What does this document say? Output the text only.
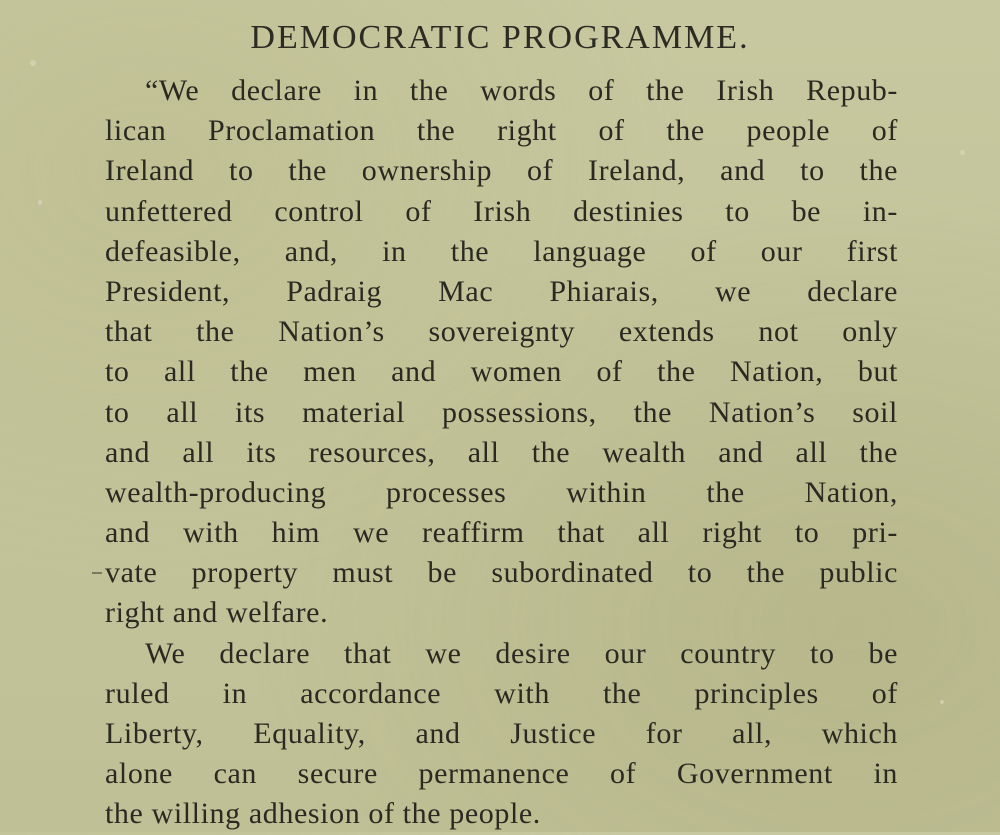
DEMOCRATIC PROGRAMME.
“We declare in the words of the Irish Repub-
lican Proclamation the right of the people of
Ireland to the ownership of Ireland, and to the
unfettered control of Irish destinies to be in-
defeasible, and, in the language of our first
President, Padraig Mac Phiarais, we declare
that the Nation’s sovereignty extends not only
to all the men and women of the Nation, but
to all its material possessions, the Nation’s soil
and all its resources, all the wealth and all the
wealth-producing processes within the Nation,
and with him we reaffirm that all right to pri-
vate property must be subordinated to the public
right and welfare.
We declare that we desire our country to be
ruled in accordance with the principles of
Liberty, Equality, and Justice for all, which
alone can secure permanence of Government in
the willing adhesion of the people.
